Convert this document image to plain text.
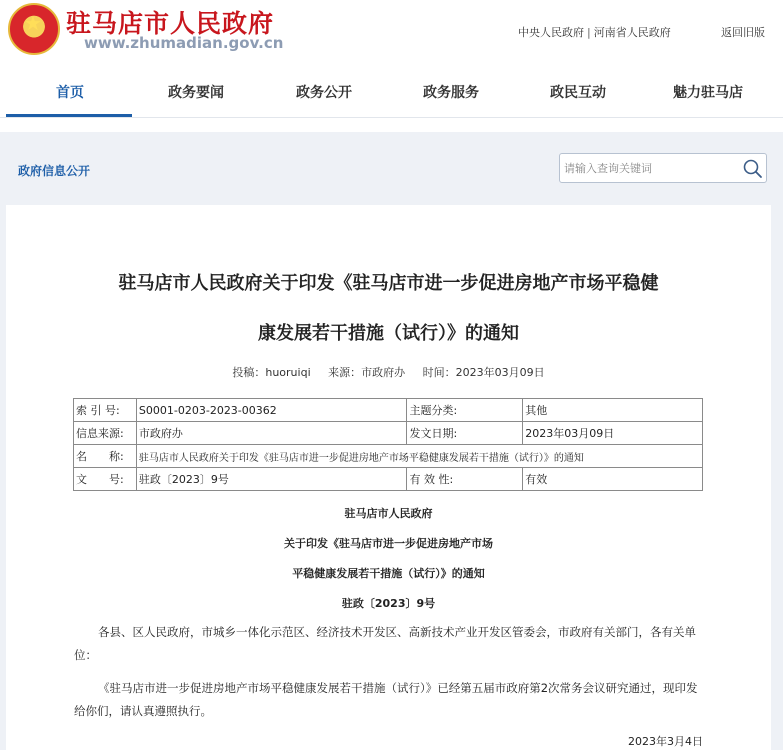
★ 驻马店市人民政府
www.zhumadian.gov.cn
中央人民政府 | 河南省人民政府	返回旧版
首页	政务要闻	政务公开	政务服务	政民互动	魅力驻马店
政府信息公开
请输入查询关键词
驻马店市人民政府关于印发《驻马店市进一步促进房地产市场平稳健
康发展若干措施（试行）》的通知
投稿：huoruiqi 来源：市政府办 时间：2023年03月09日
索 引 号:	S0001-0203-2023-00362	主题分类:	其他
信息来源:	市政府办	发文日期:	2023年03月09日
名　　称:	驻马店市人民政府关于印发《驻马店市进一步促进房地产市场平稳健康发展若干措施（试行）》的通知		
文　　号:	驻政〔2023〕9号	有 效 性:	有效
驻马店市人民政府
关于印发《驻马店市进一步促进房地产市场
平稳健康发展若干措施（试行）》的通知
驻政〔2023〕9号
各县、区人民政府，市城乡一体化示范区、经济技术开发区、高新技术产业开发区管委会，市政府有关部门，各有关单位：
《驻马店市进一步促进房地产市场平稳健康发展若干措施（试行）》已经第五届市政府第2次常务会议研究通过，现印发给你们，请认真遵照执行。
2023年3月4日
